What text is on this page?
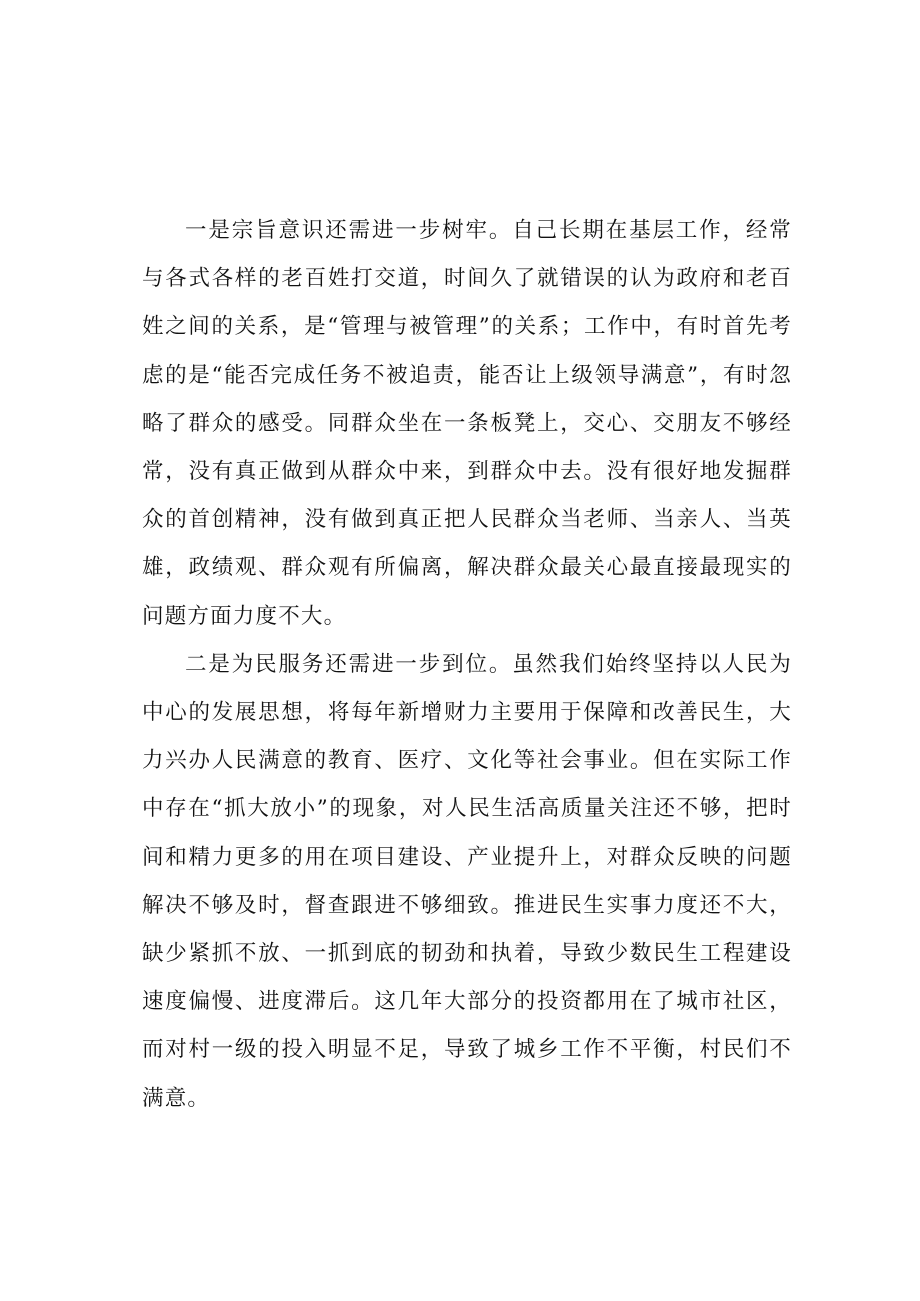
一是宗旨意识还需进一步树牢。自己长期在基层工作，经常与各式各样的老百姓打交道，时间久了就错误的认为政府和老百姓之间的关系，是“管理与被管理”的关系；工作中，有时首先考虑的是“能否完成任务不被追责，能否让上级领导满意”，有时忽略了群众的感受。同群众坐在一条板凳上，交心、交朋友不够经常，没有真正做到从群众中来，到群众中去。没有很好地发掘群众的首创精神，没有做到真正把人民群众当老师、当亲人、当英雄，政绩观、群众观有所偏离，解决群众最关心最直接最现实的问题方面力度不大。

二是为民服务还需进一步到位。虽然我们始终坚持以人民为中心的发展思想，将每年新增财力主要用于保障和改善民生，大力兴办人民满意的教育、医疗、文化等社会事业。但在实际工作中存在“抓大放小”的现象，对人民生活高质量关注还不够，把时间和精力更多的用在项目建设、产业提升上，对群众反映的问题解决不够及时，督查跟进不够细致。推进民生实事力度还不大，缺少紧抓不放、一抓到底的韧劲和执着，导致少数民生工程建设速度偏慢、进度滞后。这几年大部分的投资都用在了城市社区，而对村一级的投入明显不足，导致了城乡工作不平衡，村民们不满意。
